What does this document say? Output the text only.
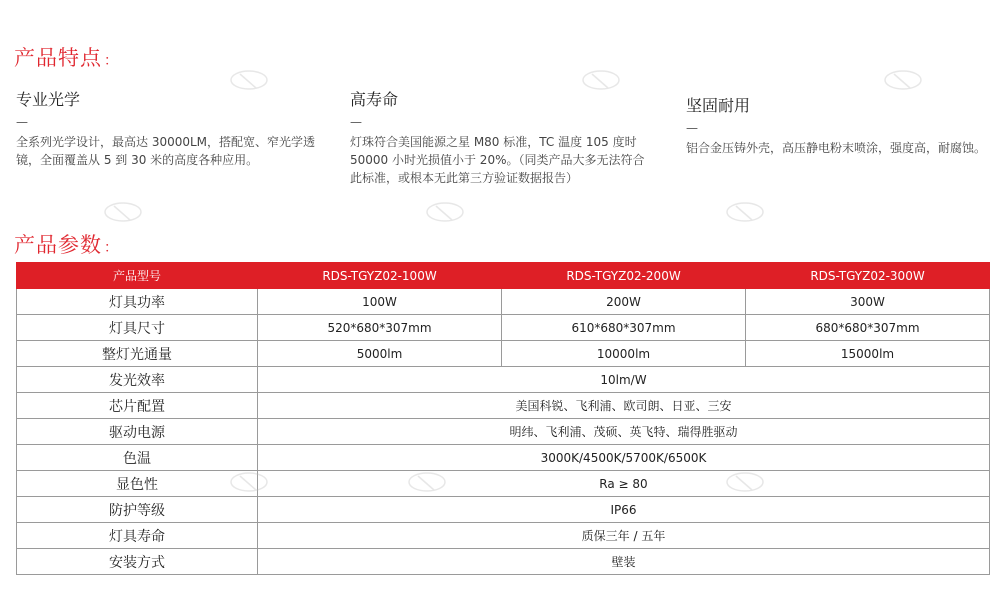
产品特点 ：
专业光学
—

全系列光学设计，最高达 30000LM，搭配宽、窄光学透镜，全面覆盖从 5 到 30 米的高度各种应用。

高寿命
—

灯珠符合美国能源之星 M80 标准，TC 温度 105 度时 50000 小时光损值小于 20%。（同类产品大多无法符合此标准，或根本无此第三方验证数据报告）

坚固耐用
—

铝合金压铸外壳，高压静电粉末喷涂，强度高，耐腐蚀。

产品参数 ：
产品型号	RDS-TGYZ02-100W	RDS-TGYZ02-200W	RDS-TGYZ02-300W
灯具功率	100W	200W	300W
灯具尺寸	520*680*307mm	610*680*307mm	680*680*307mm
整灯光通量	5000lm	10000lm	15000lm
发光效率	10lm/W		
芯片配置	美国科锐、飞利浦、欧司朗、日亚、三安		
驱动电源	明纬、飞利浦、茂硕、英飞特、瑞得胜驱动		
色温	3000K/4500K/5700K/6500K		
显色性	Ra ≥ 80		
防护等级	IP66		
灯具寿命	质保三年 / 五年		
安装方式	壁装		
